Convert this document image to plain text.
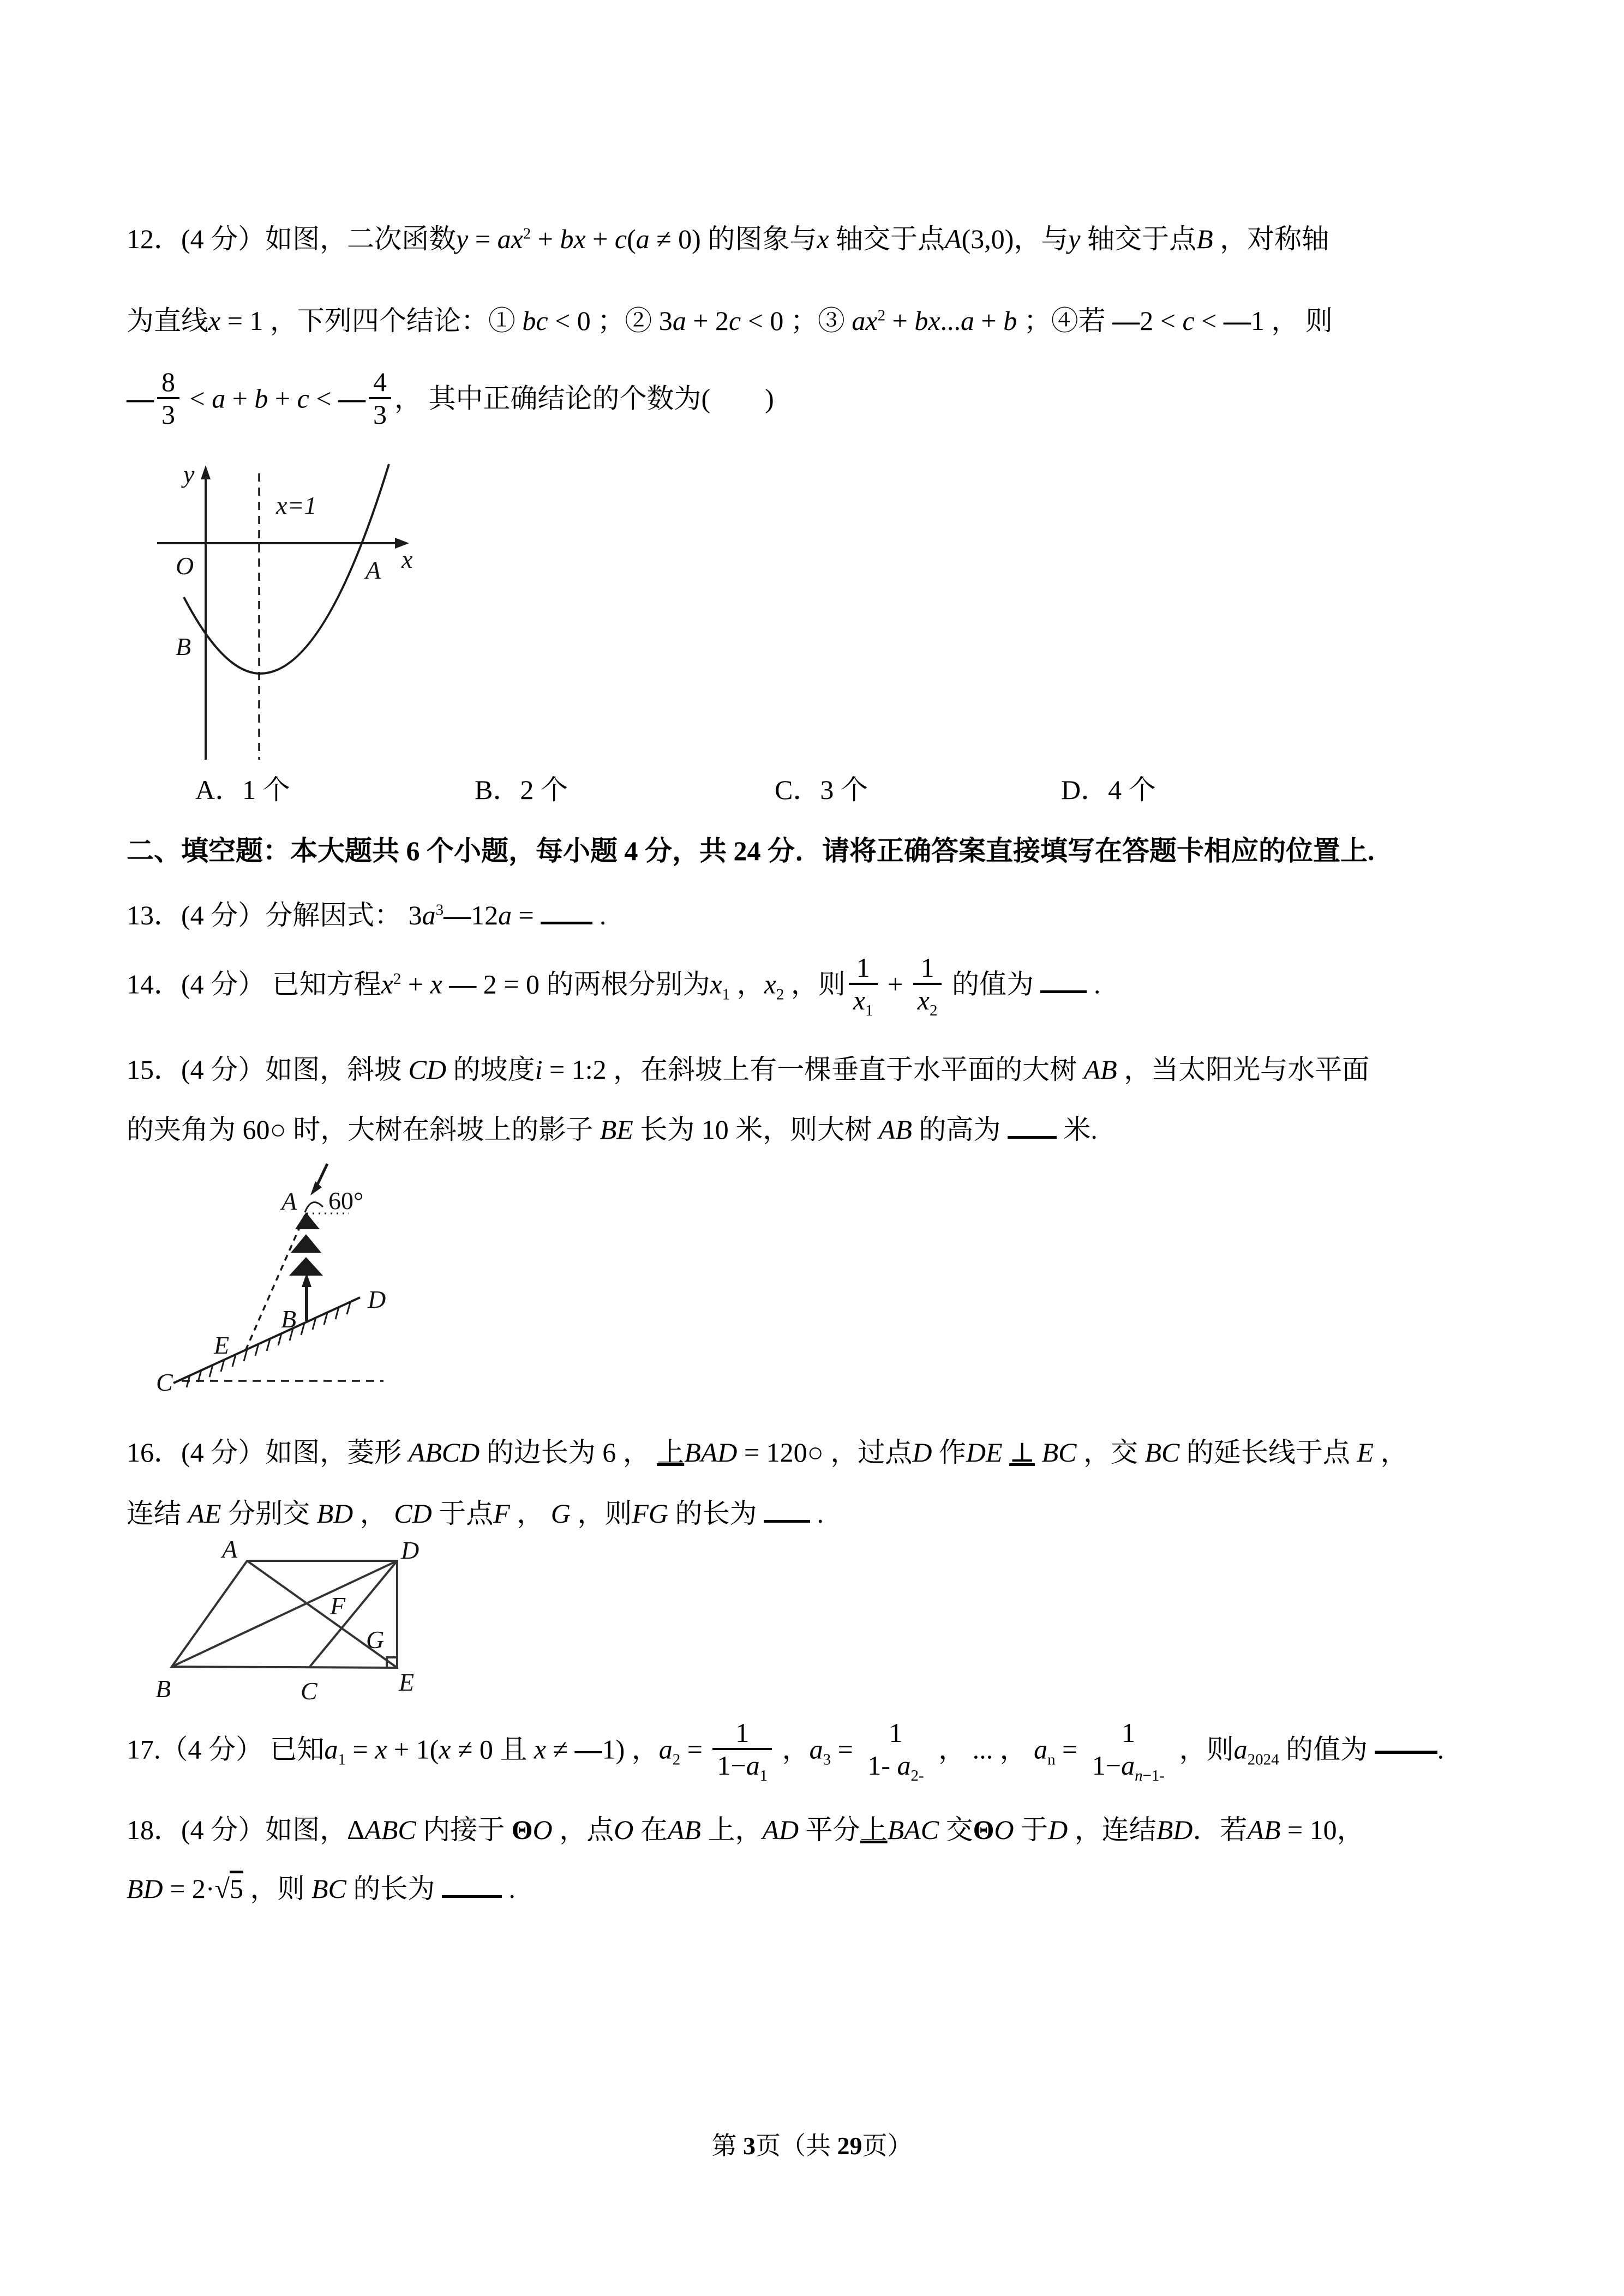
12．(4 分）如图，二次函数$y = ax^2$ + bx + c(a ≠ 0) 的图象与x 轴交于点A(3,0)，与y 轴交于点B ，对称轴
为直线x = 1 ，下列四个结论：① bc < 0 ；② 3a + 2c < 0 ；③ $ax^2 + bx...a + b$ ；④若 —2 < c < —1 ， 则
— $\frac{8}{3} < a + b + c$ < — $\frac{4}{3}$ ， 其中正确结论的个数为(　　)
y
O
x=1
A x
B
A．1 个	B．2 个	C．3 个	D．4 个
二、填空题：本大题共 6 个小题，每小题 4 分，共 24 分．请将正确答案直接填写在答题卡相应的位置上.
13．(4 分）分解因式： $3a^3—12a$ =  .
14．(4 分） 已知方程$x^2 + x$ — 2 = 0 的两根分别为$x_1$ ，$x_2$ ，则 $\frac{1}{x_1} + \frac{1}{x_2}$ 的值为  .
15．(4 分）如图，斜坡 CD 的坡度i = 1:2 ，在斜坡上有一棵垂直于水平面的大树 AB ，当太阳光与水平面
的夹角为 60○ 时，大树在斜坡上的影子 BE 长为 10 米，则大树 AB 的高为  米.
A 60°
B
E
C
D
16．(4 分）如图，菱形 ABCD 的边长为 6 ， 上BAD = 120○ ，过点D 作DE ⊥ BC ，交 BC 的延长线于点 E ，
连结 AE 分别交 BD ， CD 于点F ， G ，则FG 的长为  .
A	D
B	E
C
F
G
17.（4 分） 已知$a_1 = x + 1(x \ne 0$ 且 x ≠ —1) ，$a_2 = \frac{1}{1-a_1}$ ，$a_3$ =
1
1- $a_{2-}$
， ... ， $a_n$ =
1
$1-a_{n-1-}$
，则$a_{2024}$ 的值为 .
18．(4 分）如图，ΔABC 内接于 ΘO ，点O 在AB 上，AD 平分上BAC 交ΘO 于D ，连结BD．若AB = 10，
BD = 2·√5 ，则 BC 的长为  .
第 3页（共 29页）
